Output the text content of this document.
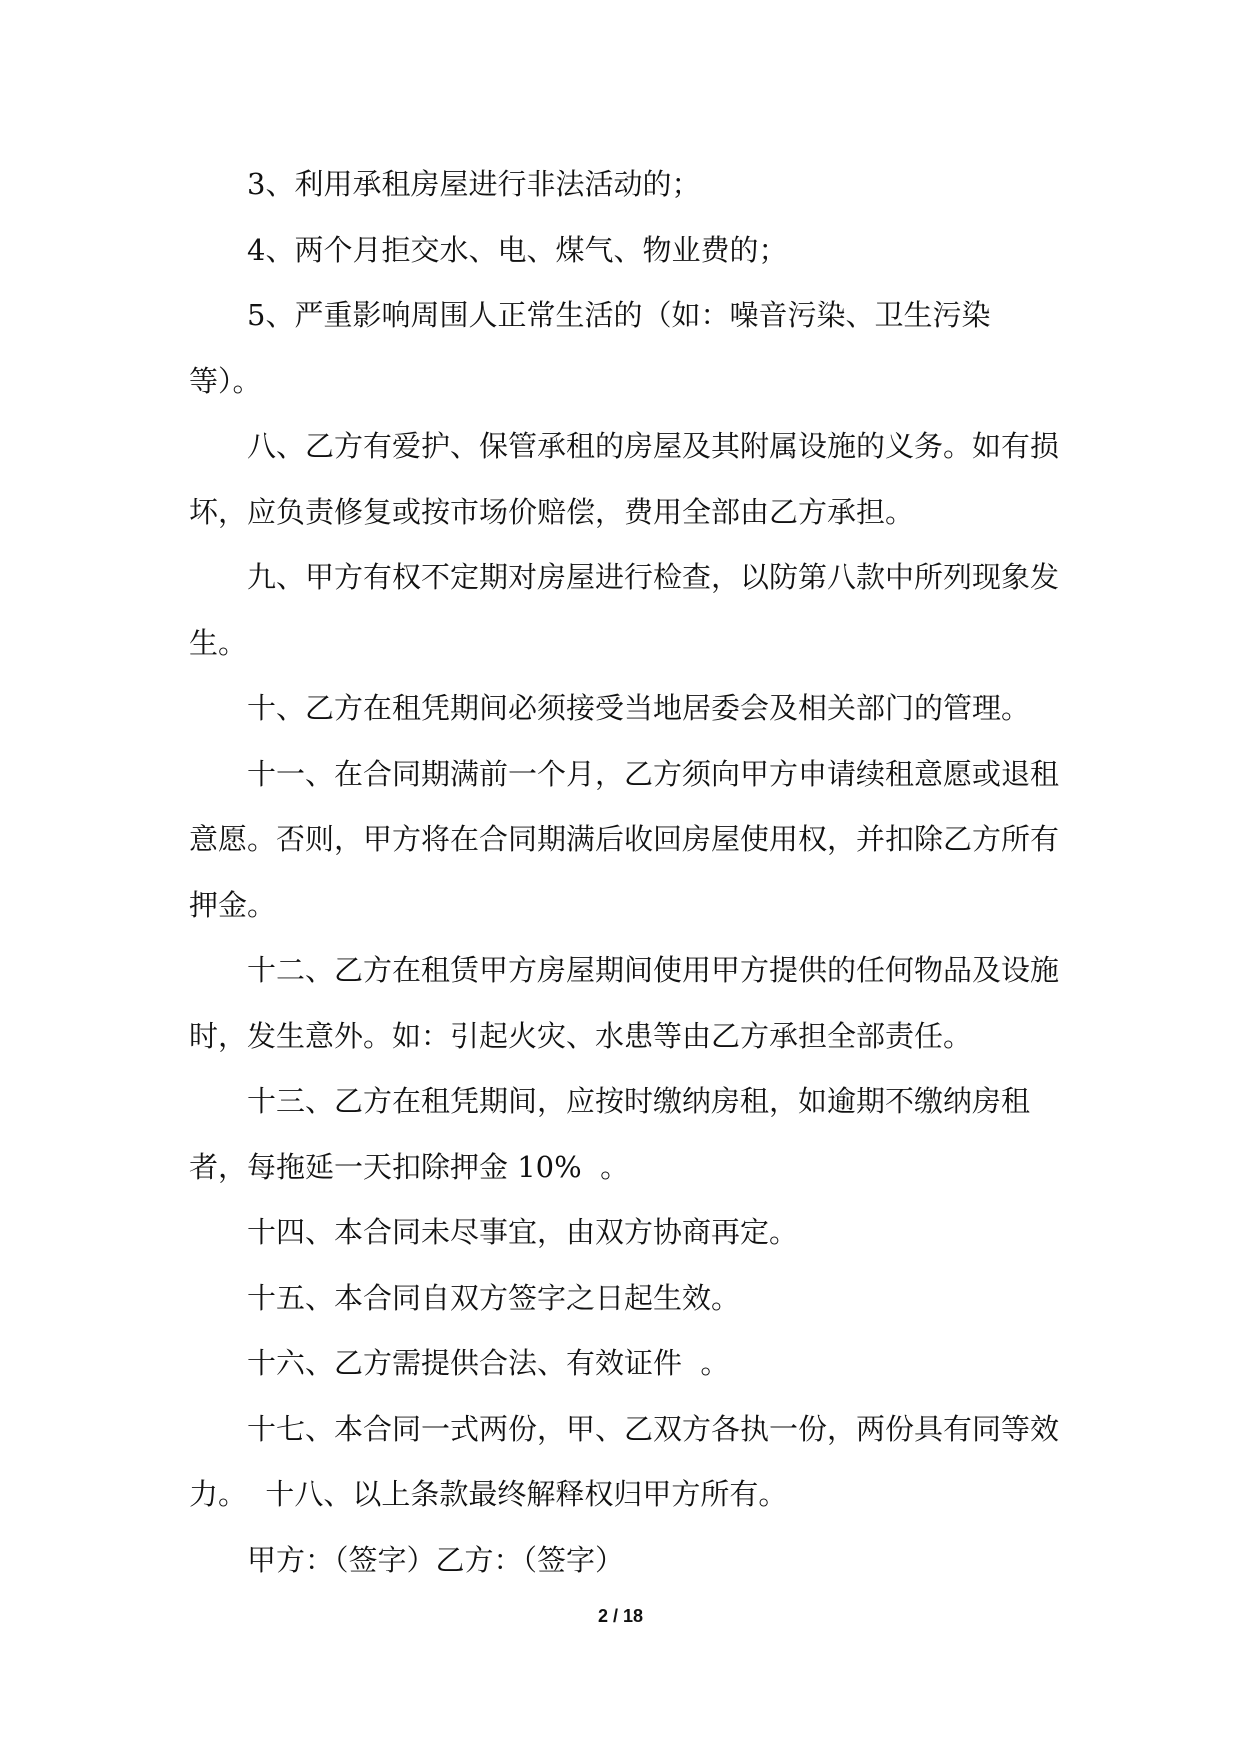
3、利用承租房屋进行非法活动的；

4、两个月拒交水、电、煤气、物业费的；

5、严重影响周围人正常生活的（如：噪音污染、卫生污染等）。

八、乙方有爱护、保管承租的房屋及其附属设施的义务。如有损坏，应负责修复或按市场价赔偿，费用全部由乙方承担。

九、甲方有权不定期对房屋进行检查，以防第八款中所列现象发生。

十、乙方在租凭期间必须接受当地居委会及相关部门的管理。

十一、在合同期满前一个月，乙方须向甲方申请续租意愿或退租意愿。否则，甲方将在合同期满后收回房屋使用权，并扣除乙方所有押金。

十二、乙方在租赁甲方房屋期间使用甲方提供的任何物品及设施时，发生意外。如：引起火灾、水患等由乙方承担全部责任。

十三、乙方在租凭期间，应按时缴纳房租，如逾期不缴纳房租者，每拖延一天扣除押金 10%  。

十四、本合同未尽事宜，由双方协商再定。

十五、本合同自双方签字之日起生效。

十六、乙方需提供合法、有效证件  。

十七、本合同一式两份，甲、乙双方各执一份，两份具有同等效力。  十八、以上条款最终解释权归甲方所有。

甲方：（签字）乙方：（签字）

2 / 18
